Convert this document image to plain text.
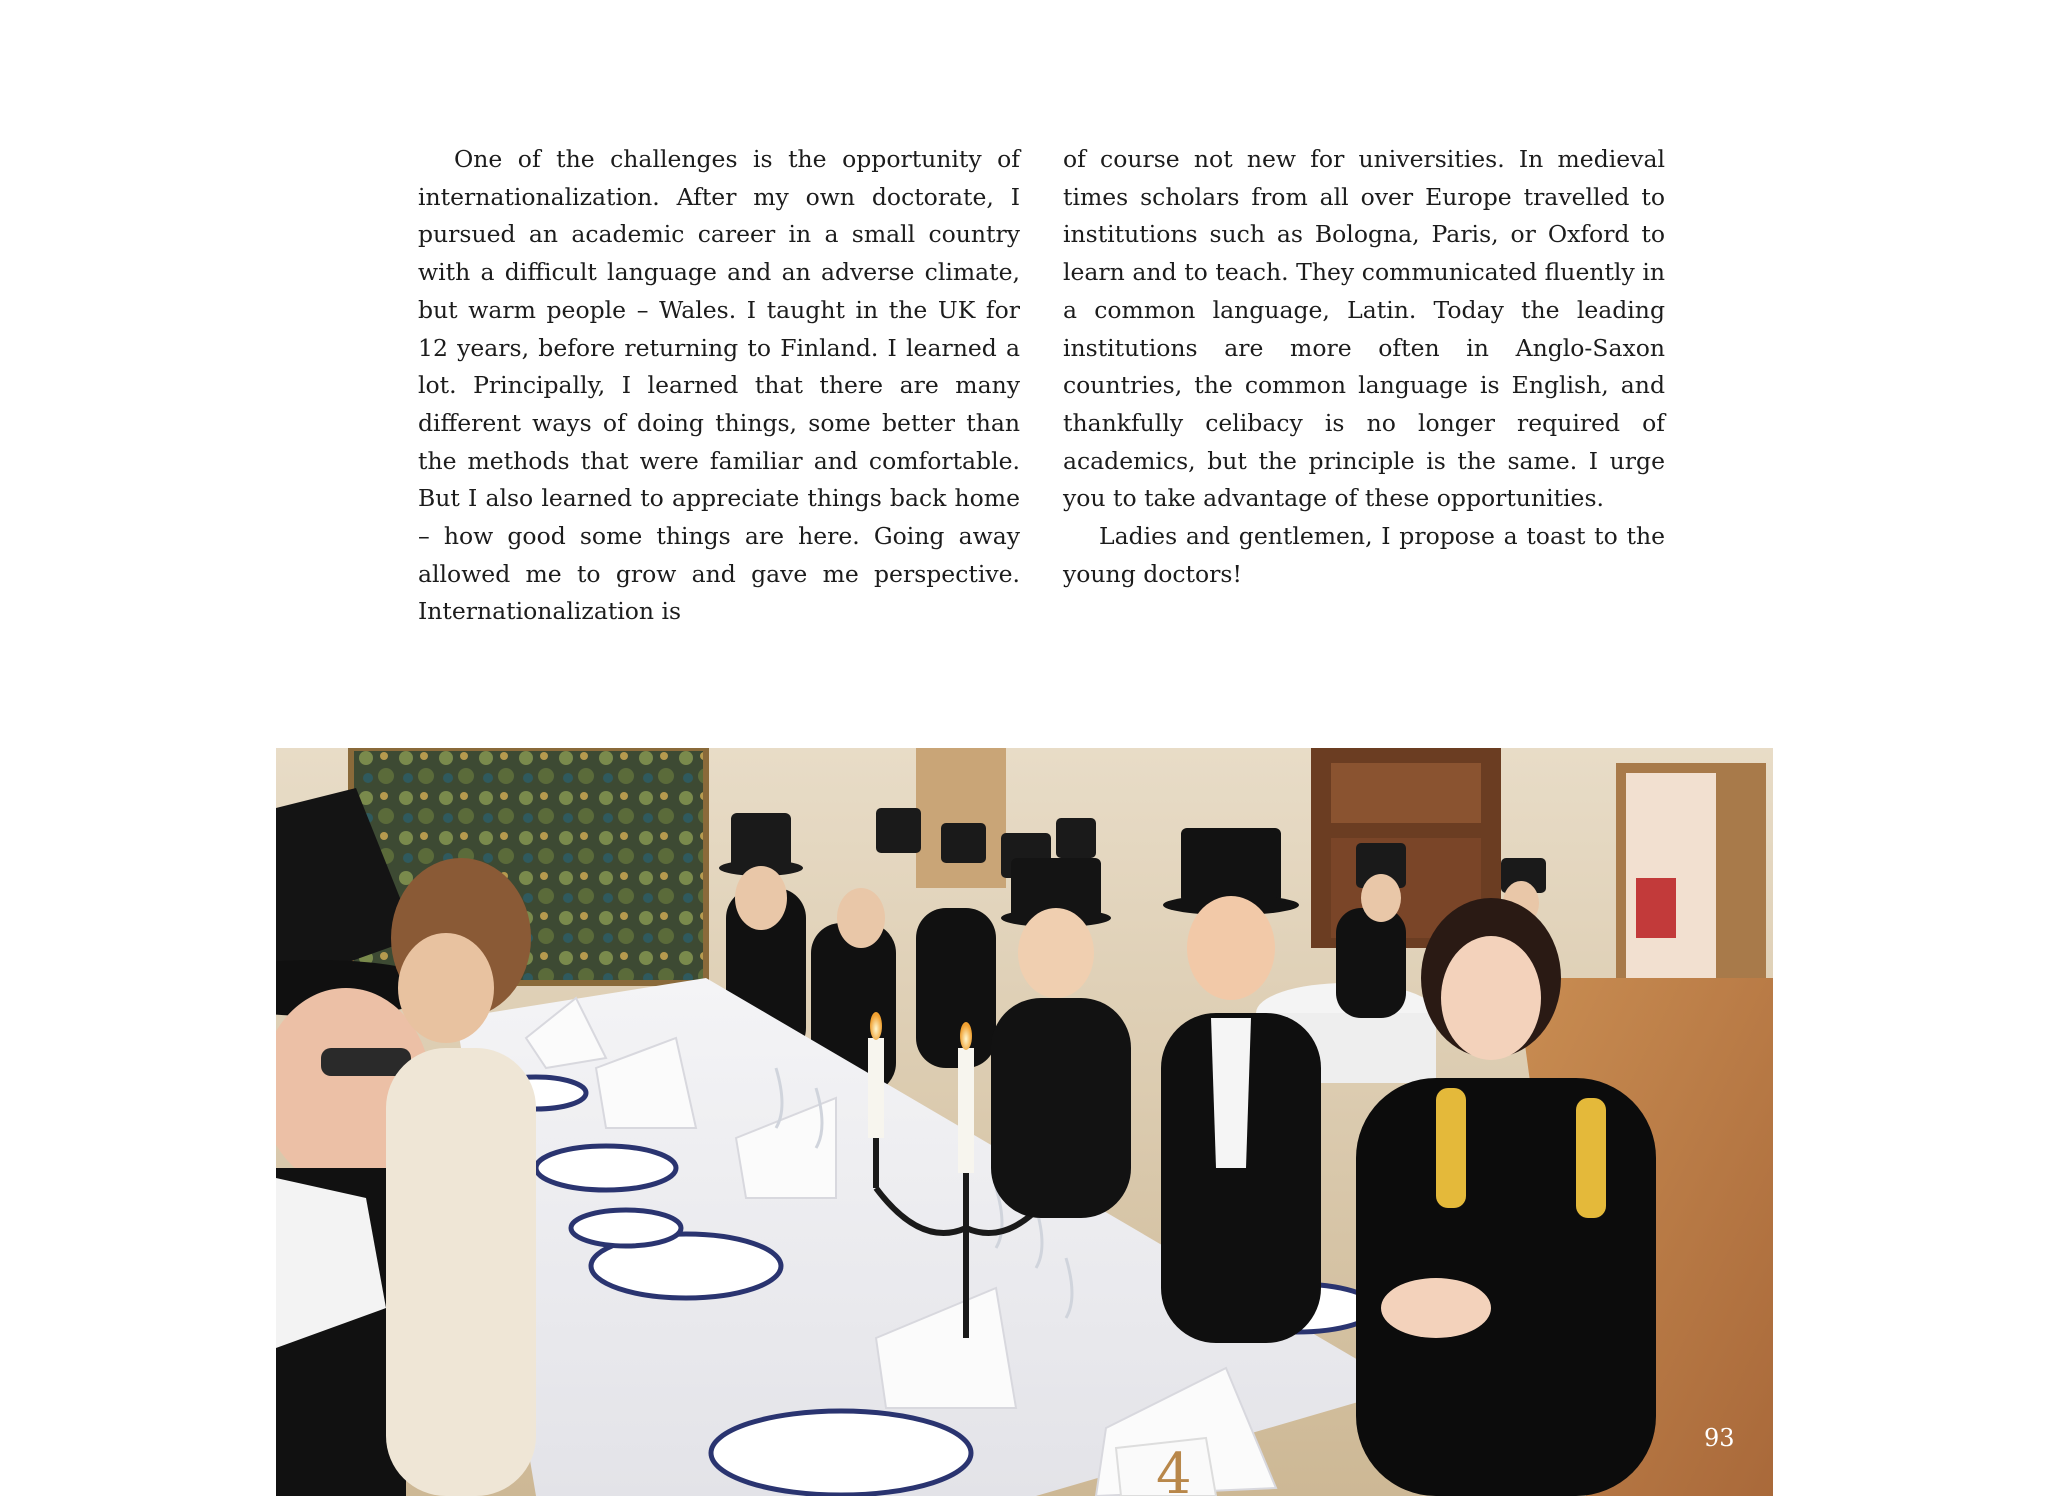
One of the challenges is the opportunity of internationalization. After my own doctorate, I pursued an academic career in a small country with a difficult language and an adverse climate, but warm people – Wales. I taught in the UK for 12 years, before returning to Finland. I learned a lot. Principally, I learned that there are many different ways of doing things, some better than the methods that were familiar and comfortable. But I also learned to appreciate things back home – how good some things are here. Going away allowed me to grow and gave me perspective. Internationalization is

of course not new for universities. In medieval times scholars from all over Europe travelled to institutions such as Bologna, Paris, or Oxford to learn and to teach. They communicated fluently in a common language, Latin. Today the leading institutions are more often in Anglo-Saxon countries, the common language is English, and thankfully celibacy is no longer required of academics, but the principle is the same. I urge you to take advantage of these opportunities.

Ladies and gentlemen, I propose a toast to the young doctors!

4
93
